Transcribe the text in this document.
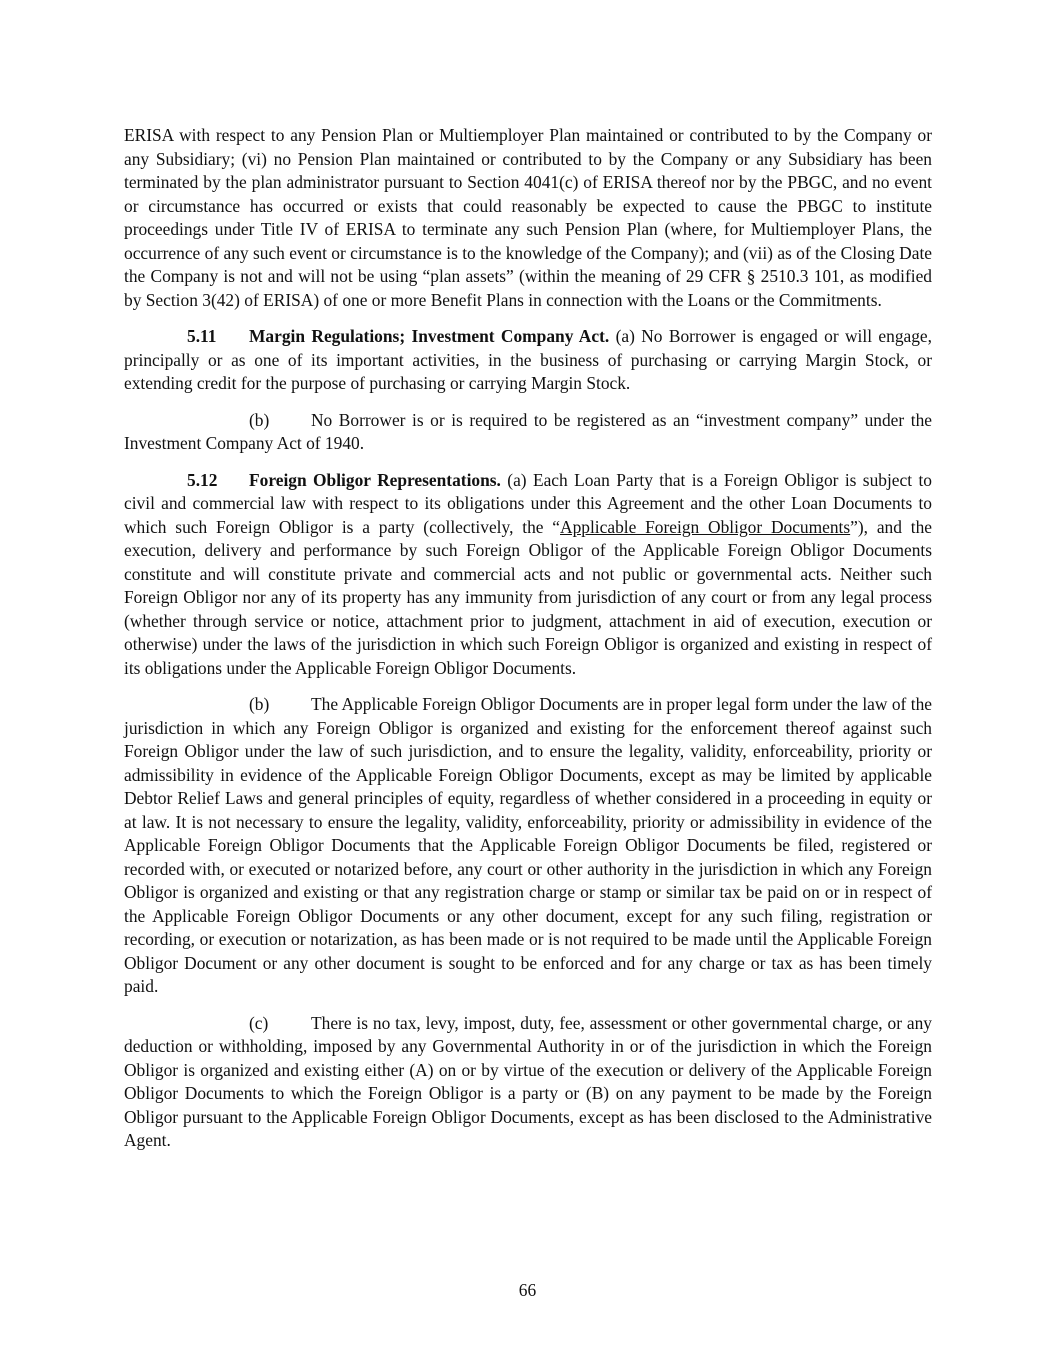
ERISA with respect to any Pension Plan or Multiemployer Plan maintained or contributed to by the Company or any Subsidiary; (vi) no Pension Plan maintained or contributed to by the Company or any Subsidiary has been terminated by the plan administrator pursuant to Section 4041(c) of ERISA thereof nor by the PBGC, and no event or circumstance has occurred or exists that could reasonably be expected to cause the PBGC to institute proceedings under Title IV of ERISA to terminate any such Pension Plan (where, for Multiemployer Plans, the occurrence of any such event or circumstance is to the knowledge of the Company); and (vii) as of the Closing Date the Company is not and will not be using “plan assets” (within the meaning of 29 CFR § 2510.3 101, as modified by Section 3(42) of ERISA) of one or more Benefit Plans in connection with the Loans or the Commitments.

5.11 Margin Regulations; Investment Company Act. (a) No Borrower is engaged or will engage, principally or as one of its important activities, in the business of purchasing or carrying Margin Stock, or extending credit for the purpose of purchasing or carrying Margin Stock.

(b) No Borrower is or is required to be registered as an “investment company” under the Investment Company Act of 1940.

5.12 Foreign Obligor Representations. (a) Each Loan Party that is a Foreign Obligor is subject to civil and commercial law with respect to its obligations under this Agreement and the other Loan Documents to which such Foreign Obligor is a party (collectively, the “Applicable Foreign Obligor Documents”), and the execution, delivery and performance by such Foreign Obligor of the Applicable Foreign Obligor Documents constitute and will constitute private and commercial acts and not public or governmental acts. Neither such Foreign Obligor nor any of its property has any immunity from jurisdiction of any court or from any legal process (whether through service or notice, attachment prior to judgment, attachment in aid of execution, execution or otherwise) under the laws of the jurisdiction in which such Foreign Obligor is organized and existing in respect of its obligations under the Applicable Foreign Obligor Documents.

(b) The Applicable Foreign Obligor Documents are in proper legal form under the law of the jurisdiction in which any Foreign Obligor is organized and existing for the enforcement thereof against such Foreign Obligor under the law of such jurisdiction, and to ensure the legality, validity, enforceability, priority or admissibility in evidence of the Applicable Foreign Obligor Documents, except as may be limited by applicable Debtor Relief Laws and general principles of equity, regardless of whether considered in a proceeding in equity or at law. It is not necessary to ensure the legality, validity, enforceability, priority or admissibility in evidence of the Applicable Foreign Obligor Documents that the Applicable Foreign Obligor Documents be filed, registered or recorded with, or executed or notarized before, any court or other authority in the jurisdiction in which any Foreign Obligor is organized and existing or that any registration charge or stamp or similar tax be paid on or in respect of the Applicable Foreign Obligor Documents or any other document, except for any such filing, registration or recording, or execution or notarization, as has been made or is not required to be made until the Applicable Foreign Obligor Document or any other document is sought to be enforced and for any charge or tax as has been timely paid.

(c) There is no tax, levy, impost, duty, fee, assessment or other governmental charge, or any deduction or withholding, imposed by any Governmental Authority in or of the jurisdiction in which the Foreign Obligor is organized and existing either (A) on or by virtue of the execution or delivery of the Applicable Foreign Obligor Documents to which the Foreign Obligor is a party or (B) on any payment to be made by the Foreign Obligor pursuant to the Applicable Foreign Obligor Documents, except as has been disclosed to the Administrative Agent.

66
